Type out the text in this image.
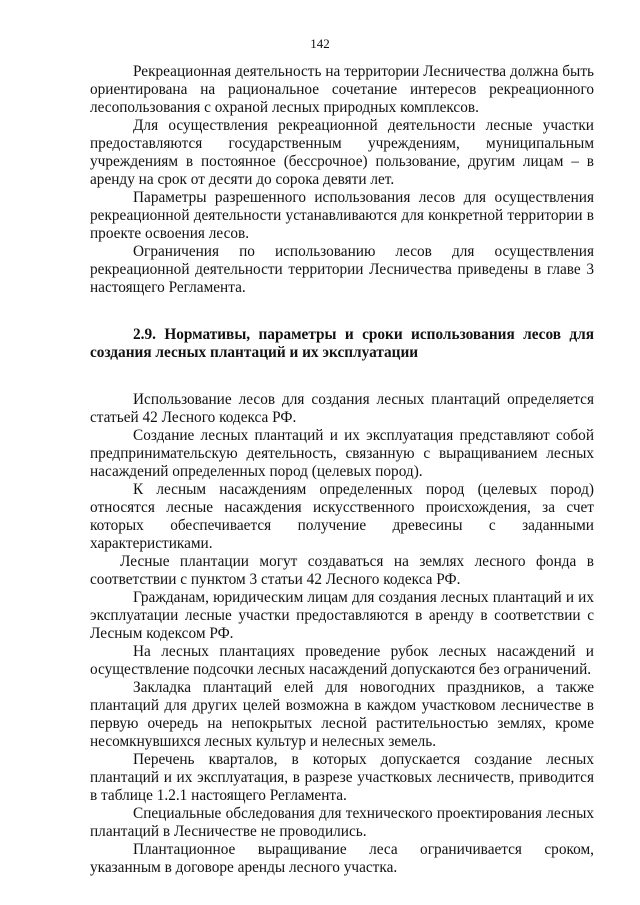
142

Рекреационная деятельность на территории Лесничества должна быть ориентирована на рациональное сочетание интересов рекреационного лесопользования с охраной лесных природных комплексов.

Для осуществления рекреационной деятельности лесные участки предоставляются государственным учреждениям, муниципальным учреждениям в постоянное (бессрочное) пользование, другим лицам – в аренду на срок от десяти до сорока девяти лет.

Параметры разрешенного использования лесов для осуществления рекреационной деятельности устанавливаются для конкретной территории в проекте освоения лесов.

Ограничения по использованию лесов для осуществления рекреационной деятельности территории Лесничества приведены в главе 3 настоящего Регламента.

2.9. Нормативы, параметры и сроки использования лесов для создания лесных плантаций и их эксплуатации

Использование лесов для создания лесных плантаций определяется статьей 42 Лесного кодекса РФ.

Создание лесных плантаций и их эксплуатация представляют собой предпринимательскую деятельность, связанную с выращиванием лесных насаждений определенных пород (целевых пород).

К лесным насаждениям определенных пород (целевых пород) относятся лесные насаждения искусственного происхождения, за счет которых обеспечивается получение древесины с заданными характеристиками.

Лесные плантации могут создаваться на землях лесного фонда в соответствии с пунктом 3 статьи 42 Лесного кодекса РФ.

Гражданам, юридическим лицам для создания лесных плантаций и их эксплуатации лесные участки предоставляются в аренду в соответствии с Лесным кодексом РФ.

На лесных плантациях проведение рубок лесных насаждений и осуществление подсочки лесных насаждений допускаются без ограничений.

Закладка плантаций елей для новогодних праздников, а также плантаций для других целей возможна в каждом участковом лесничестве в первую очередь на непокрытых лесной растительностью землях, кроме несомкнувшихся лесных культур и нелесных земель.

Перечень кварталов, в которых допускается создание лесных плантаций и их эксплуатация, в разрезе участковых лесничеств, приводится в таблице 1.2.1 настоящего Регламента.

Специальные обследования для технического проектирования лесных плантаций в Лесничестве не проводились.

Плантационное выращивание леса ограничивается сроком, указанным в договоре аренды лесного участка.
